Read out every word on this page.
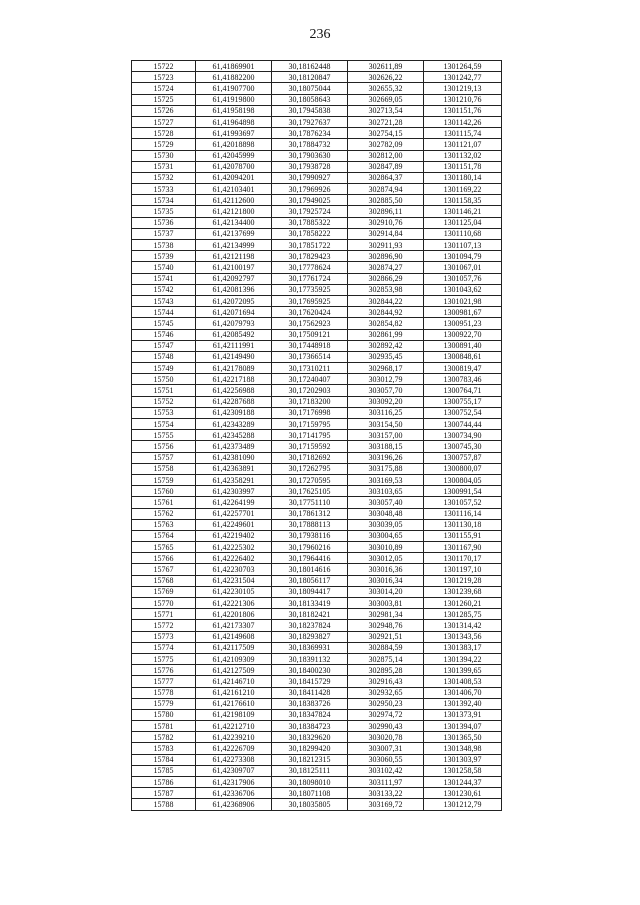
236
15722	61,41869901	30,18162448	302611,89	1301264,59
15723	61,41882200	30,18120847	302626,22	1301242,77
15724	61,41907700	30,18075044	302655,32	1301219,13
15725	61,41919800	30,18058643	302669,05	1301210,76
15726	61,41958198	30,17945838	302713,54	1301151,76
15727	61,41964898	30,17927637	302721,28	1301142,26
15728	61,41993697	30,17876234	302754,15	1301115,74
15729	61,42018898	30,17884732	302782,09	1301121,07
15730	61,42045999	30,17903630	302812,00	1301132,02
15731	61,42078700	30,17938728	302847,89	1301151,78
15732	61,42094201	30,17990927	302864,37	1301180,14
15733	61,42103401	30,17969926	302874,94	1301169,22
15734	61,42112600	30,17949025	302885,50	1301158,35
15735	61,42121800	30,17925724	302896,11	1301146,21
15736	61,42134400	30,17885322	302910,76	1301125,04
15737	61,42137699	30,17858222	302914,84	1301110,68
15738	61,42134999	30,17851722	302911,93	1301107,13
15739	61,42121198	30,17829423	302896,90	1301094,79
15740	61,42100197	30,17778624	302874,27	1301067,01
15741	61,42092797	30,17761724	302866,29	1301057,76
15742	61,42081396	30,17735925	302853,98	1301043,62
15743	61,42072095	30,17695925	302844,22	1301021,98
15744	61,42071694	30,17620424	302844,92	1300981,67
15745	61,42079793	30,17562923	302854,82	1300951,23
15746	61,42085492	30,17509121	302861,99	1300922,70
15747	61,42111991	30,17448918	302892,42	1300891,40
15748	61,42149490	30,17366514	302935,45	1300848,61
15749	61,42178089	30,17310211	302968,17	1300819,47
15750	61,42217188	30,17240407	303012,79	1300783,46
15751	61,42256988	30,17202903	303057,70	1300764,71
15752	61,42287688	30,17183200	303092,20	1300755,17
15753	61,42309188	30,17176998	303116,25	1300752,54
15754	61,42343289	30,17159795	303154,50	1300744,44
15755	61,42345288	30,17141795	303157,00	1300734,90
15756	61,42373489	30,17159592	303188,15	1300745,30
15757	61,42381090	30,17182692	303196,26	1300757,87
15758	61,42363891	30,17262795	303175,88	1300800,07
15759	61,42358291	30,17270595	303169,53	1300804,05
15760	61,42303997	30,17625105	303103,65	1300991,54
15761	61,42264199	30,17751110	303057,40	1301057,52
15762	61,42257701	30,17861312	303048,48	1301116,14
15763	61,42249601	30,17888113	303039,05	1301130,18
15764	61,42219402	30,17938116	303004,65	1301155,91
15765	61,42225302	30,17960216	303010,89	1301167,90
15766	61,42226402	30,17964416	303012,05	1301170,17
15767	61,42230703	30,18014616	303016,36	1301197,10
15768	61,42231504	30,18056117	303016,34	1301219,28
15769	61,42230105	30,18094417	303014,20	1301239,68
15770	61,42221306	30,18133419	303003,81	1301260,21
15771	61,42201806	30,18182421	302981,34	1301285,75
15772	61,42173307	30,18237824	302948,76	1301314,42
15773	61,42149608	30,18293827	302921,51	1301343,56
15774	61,42117509	30,18369931	302884,59	1301383,17
15775	61,42109309	30,18391132	302875,14	1301394,22
15776	61,42127509	30,18400230	302895,28	1301399,65
15777	61,42146710	30,18415729	302916,43	1301408,53
15778	61,42161210	30,18411428	302932,65	1301406,70
15779	61,42176610	30,18383726	302950,23	1301392,40
15780	61,42198109	30,18347824	302974,72	1301373,91
15781	61,42212710	30,18384723	302990,43	1301394,07
15782	61,42239210	30,18329620	303020,78	1301365,50
15783	61,42226709	30,18299420	303007,31	1301348,98
15784	61,42273308	30,18212315	303060,55	1301303,97
15785	61,42309707	30,18125111	303102,42	1301258,58
15786	61,42317906	30,18098010	303111,97	1301244,37
15787	61,42336706	30,18071108	303133,22	1301230,61
15788	61,42368906	30,18035805	303169,72	1301212,79
